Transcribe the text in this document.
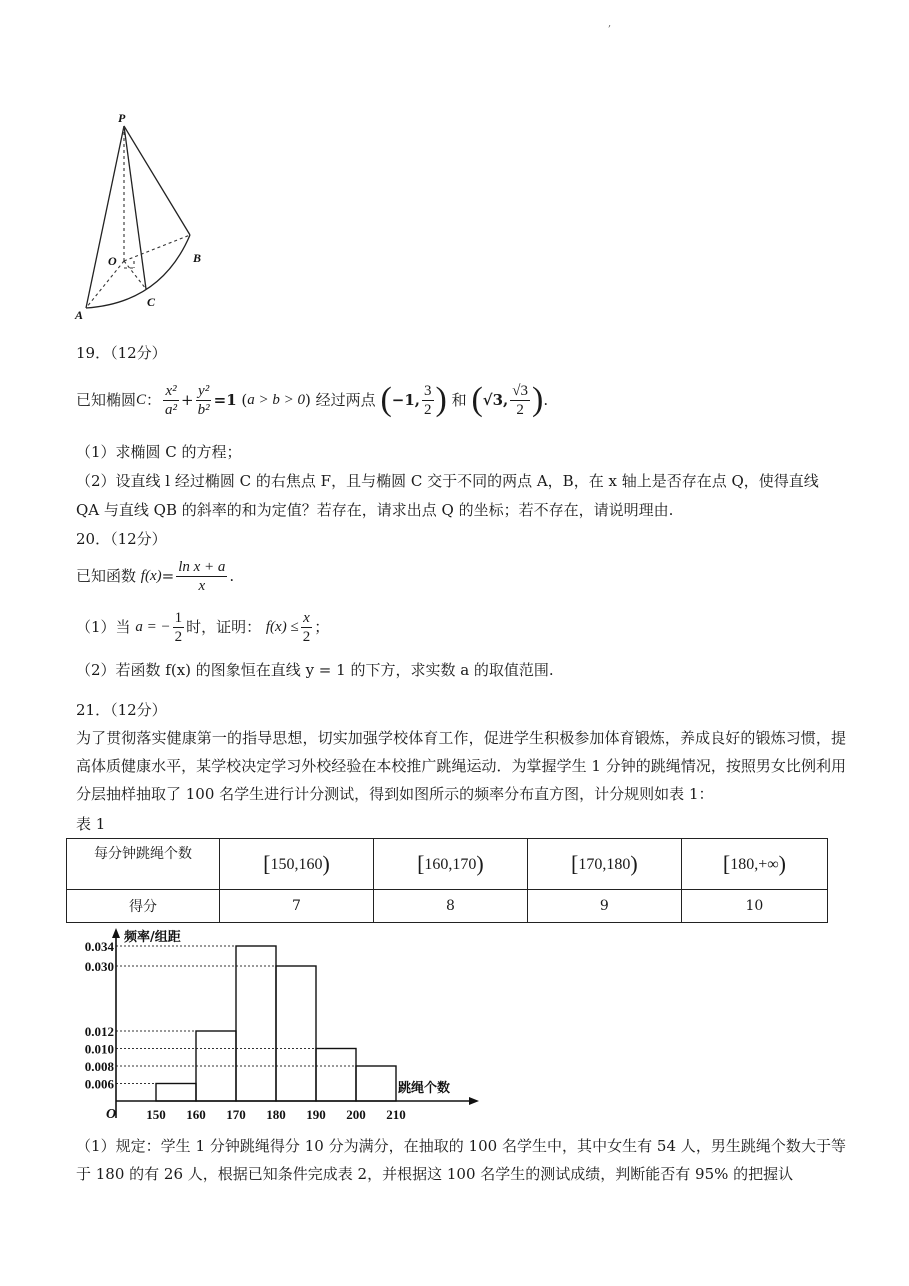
,
P
O	B
C
A
19．（12分）
已知椭圆C： $\frac{\text{x²}}{\text{a²}} + \frac{\text{y²}}{\text{b²}} =1$ (a > b > 0) 经过两点 (−1, $\frac{3}{2}$ ) 和 (√3, $\frac{√3}{2}$ ).
（1）求椭圆 C 的方程；
（2）设直线 l 经过椭圆 C 的右焦点 F，且与椭圆 C 交于不同的两点 A，B，在 x 轴上是否存在点 Q，使得直线
QA 与直线 QB 的斜率的和为定值？若存在，请求出点 Q 的坐标；若不存在，请说明理由.
20．（12分）
已知函数 $f(x)= \frac{\text{ln x + a}}{x}$ .
（1）当 a = − $\frac{1}{2}$ 时，证明： $f(x) \le \frac{x}{2}$ ；
（2）若函数 f(x) 的图象恒在直线 y = 1 的下方，求实数 a 的取值范围.
21．（12分）
为了贯彻落实健康第一的指导思想，切实加强学校体育工作，促进学生积极参加体育锻炼，养成良好的锻炼习惯，提高体质健康水平，某学校决定学习外校经验在本校推广跳绳运动．为掌握学生 1 分钟的跳绳情况，按照男女比例利用分层抽样抽取了 100 名学生进行计分测试，得到如图所示的频率分布直方图，计分规则如表 1：
表 1
每分钟跳绳个数	[150,160)	[160,170)	[170,180)	[180,+∞)
得分	7	8	9	10
频率/组距
跳绳个数
O
0.034
0.030
0.012
0.010
0.008
0.006
150 160 170 180 190 200 210
（1）规定：学生 1 分钟跳绳得分 10 分为满分，在抽取的 100 名学生中，其中女生有 54 人，男生跳绳个数大于等于 180 的有 26 人，根据已知条件完成表 2，并根据这 100 名学生的测试成绩，判断能否有 95% 的把握认
